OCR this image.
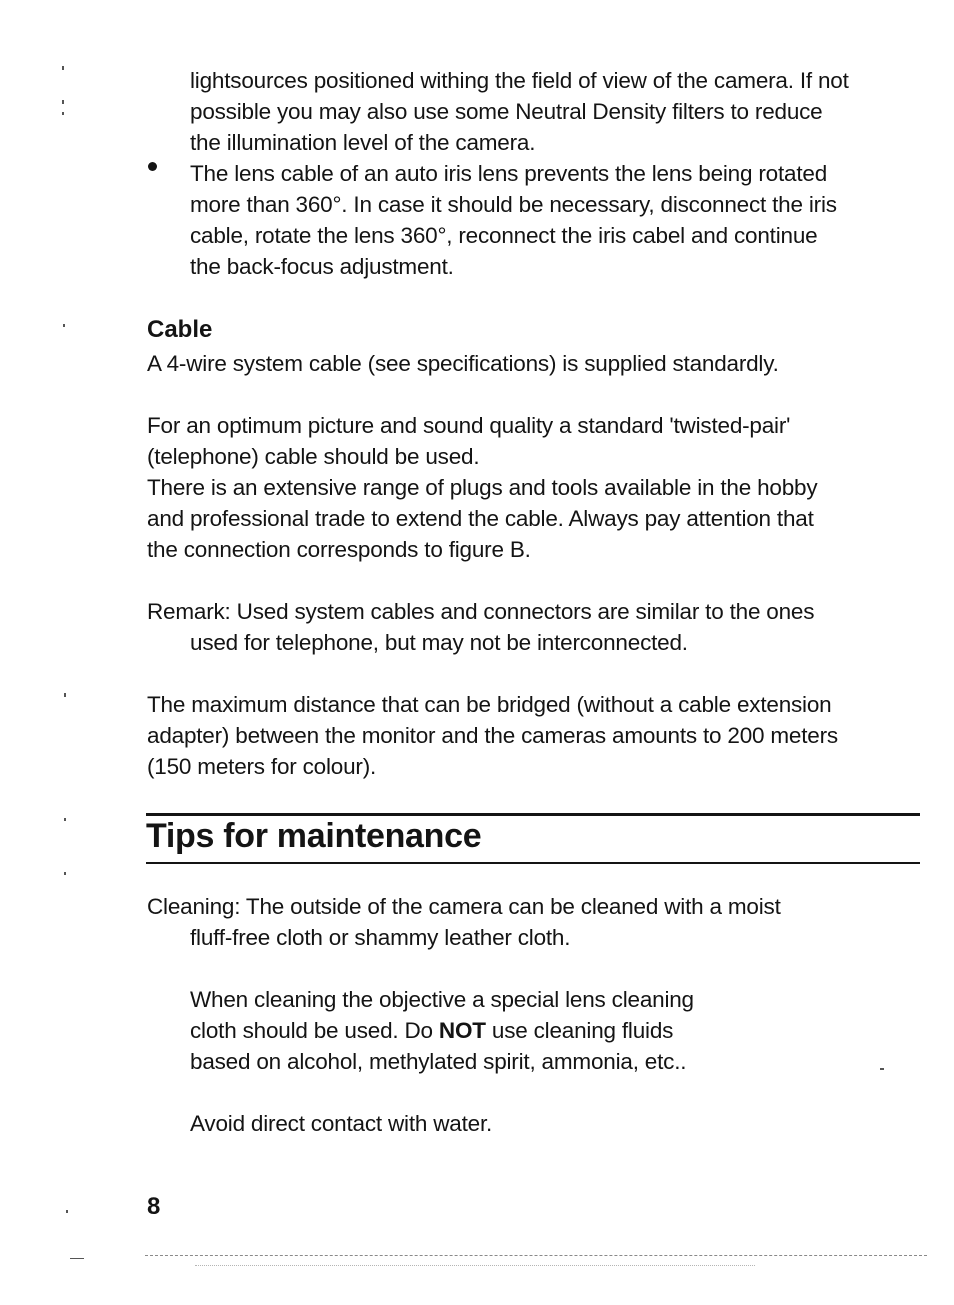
lightsources positioned withing the field of view of the camera. If not
possible you may also use some Neutral Density filters to reduce
the illumination level of the camera.
The lens cable of an auto iris lens prevents the lens being rotated
more than 360°. In case it should be necessary, disconnect the iris
cable, rotate the lens 360°, reconnect the iris cabel and continue
the back-focus adjustment.
Cable
A 4-wire system cable (see specifications) is supplied standardly.
For an optimum picture and sound quality a standard 'twisted-pair'
(telephone) cable should be used.
There is an extensive range of plugs and tools available in the hobby
and professional trade to extend the cable. Always pay attention that
the connection corresponds to figure B.
Remark: Used system cables and connectors are similar to the ones
used for telephone, but may not be interconnected.
The maximum distance that can be bridged (without a cable extension
adapter) between the monitor and the cameras amounts to 200 meters
(150 meters for colour).
Tips for maintenance
Cleaning: The outside of the camera can be cleaned with a moist
fluff-free cloth or shammy leather cloth.
When cleaning the objective a special lens cleaning
cloth should be used. Do NOT use cleaning fluids
based on alcohol, methylated spirit, ammonia, etc..
Avoid direct contact with water.
8
